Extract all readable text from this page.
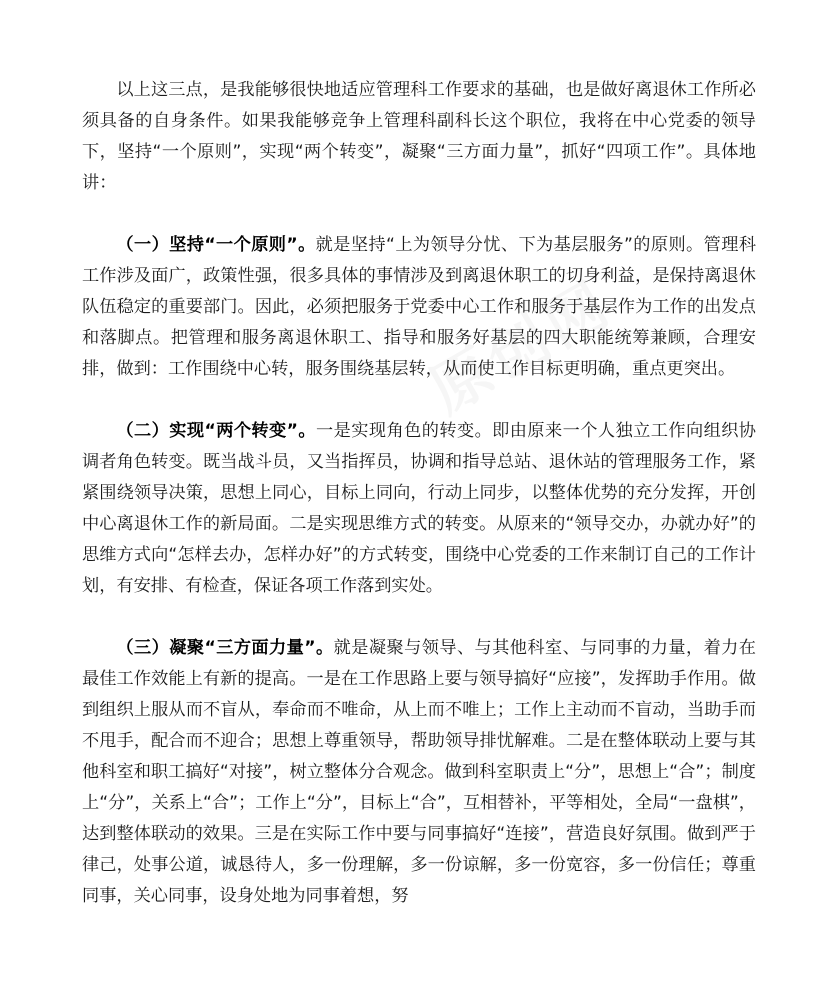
以上这三点，是我能够很快地适应管理科工作要求的基础，也是做好离退休工作所必须具备的自身条件。如果我能够竞争上管理科副科长这个职位，我将在中心党委的领导下，坚持“一个原则”，实现“两个转变”，凝聚“三方面力量”，抓好“四项工作”。具体地讲：

（一）坚持“一个原则”。就是坚持“上为领导分忧、下为基层服务”的原则。管理科工作涉及面广，政策性强，很多具体的事情涉及到离退休职工的切身利益，是保持离退休队伍稳定的重要部门。因此，必须把服务于党委中心工作和服务于基层作为工作的出发点和落脚点。把管理和服务离退休职工、指导和服务好基层的四大职能统筹兼顾，合理安排，做到：工作围绕中心转，服务围绕基层转，从而使工作目标更明确，重点更突出。

（二）实现“两个转变”。一是实现角色的转变。即由原来一个人独立工作向组织协调者角色转变。既当战斗员，又当指挥员，协调和指导总站、退休站的管理服务工作，紧紧围绕领导决策，思想上同心，目标上同向，行动上同步，以整体优势的充分发挥，开创中心离退休工作的新局面。二是实现思维方式的转变。从原来的“领导交办，办就办好”的思维方式向“怎样去办，怎样办好”的方式转变，围绕中心党委的工作来制订自己的工作计划，有安排、有检查，保证各项工作落到实处。

（三）凝聚“三方面力量”。就是凝聚与领导、与其他科室、与同事的力量，着力在最佳工作效能上有新的提高。一是在工作思路上要与领导搞好“应接”，发挥助手作用。做到组织上服从而不盲从，奉命而不唯命，从上而不唯上；工作上主动而不盲动，当助手而不甩手，配合而不迎合；思想上尊重领导，帮助领导排忧解难。二是在整体联动上要与其他科室和职工搞好“对接”，树立整体分合观念。做到科室职责上“分”，思想上“合”；制度上“分”，关系上“合”；工作上“分”，目标上“合”，互相替补，平等相处，全局“一盘棋”，达到整体联动的效果。三是在实际工作中要与同事搞好“连接”，营造良好氛围。做到严于律己，处事公道，诚恳待人，多一份理解，多一份谅解，多一份宽容，多一份信任；尊重同事，关心同事，设身处地为同事着想，努
